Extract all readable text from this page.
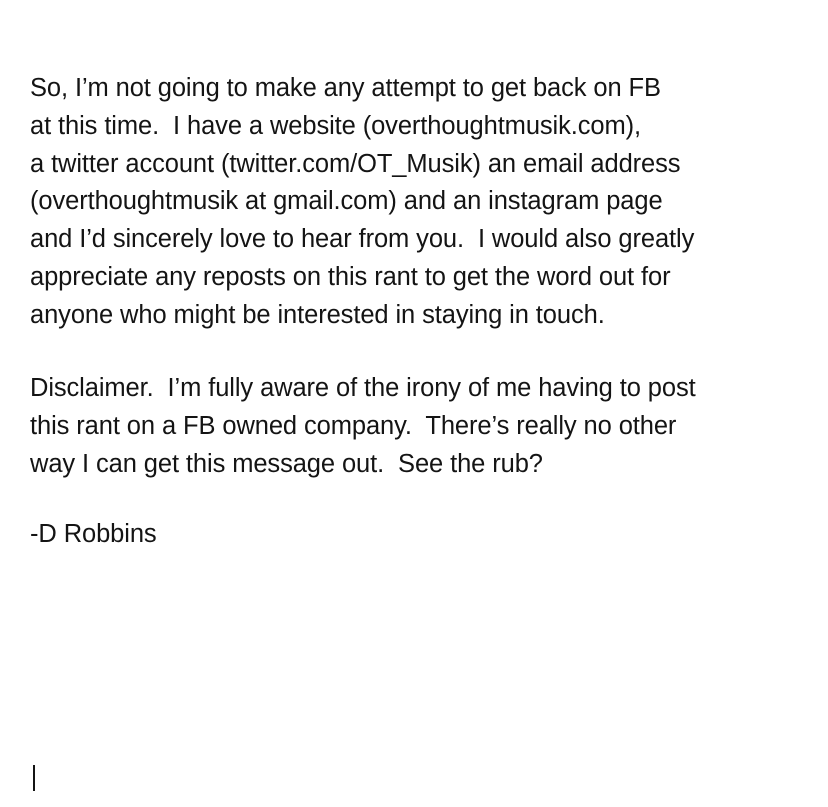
So, I’m not going to make any attempt to get back on FB
at this time.  I have a website (overthoughtmusik.com),
a twitter account (twitter.com/OT_Musik) an email address
(overthoughtmusik at gmail.com) and an instagram page
and I’d sincerely love to hear from you.  I would also greatly
appreciate any reposts on this rant to get the word out for
anyone who might be interested in staying in touch.
Disclaimer.  I’m fully aware of the irony of me having to post
this rant on a FB owned company.  There’s really no other
way I can get this message out.  See the rub?
-D Robbins
